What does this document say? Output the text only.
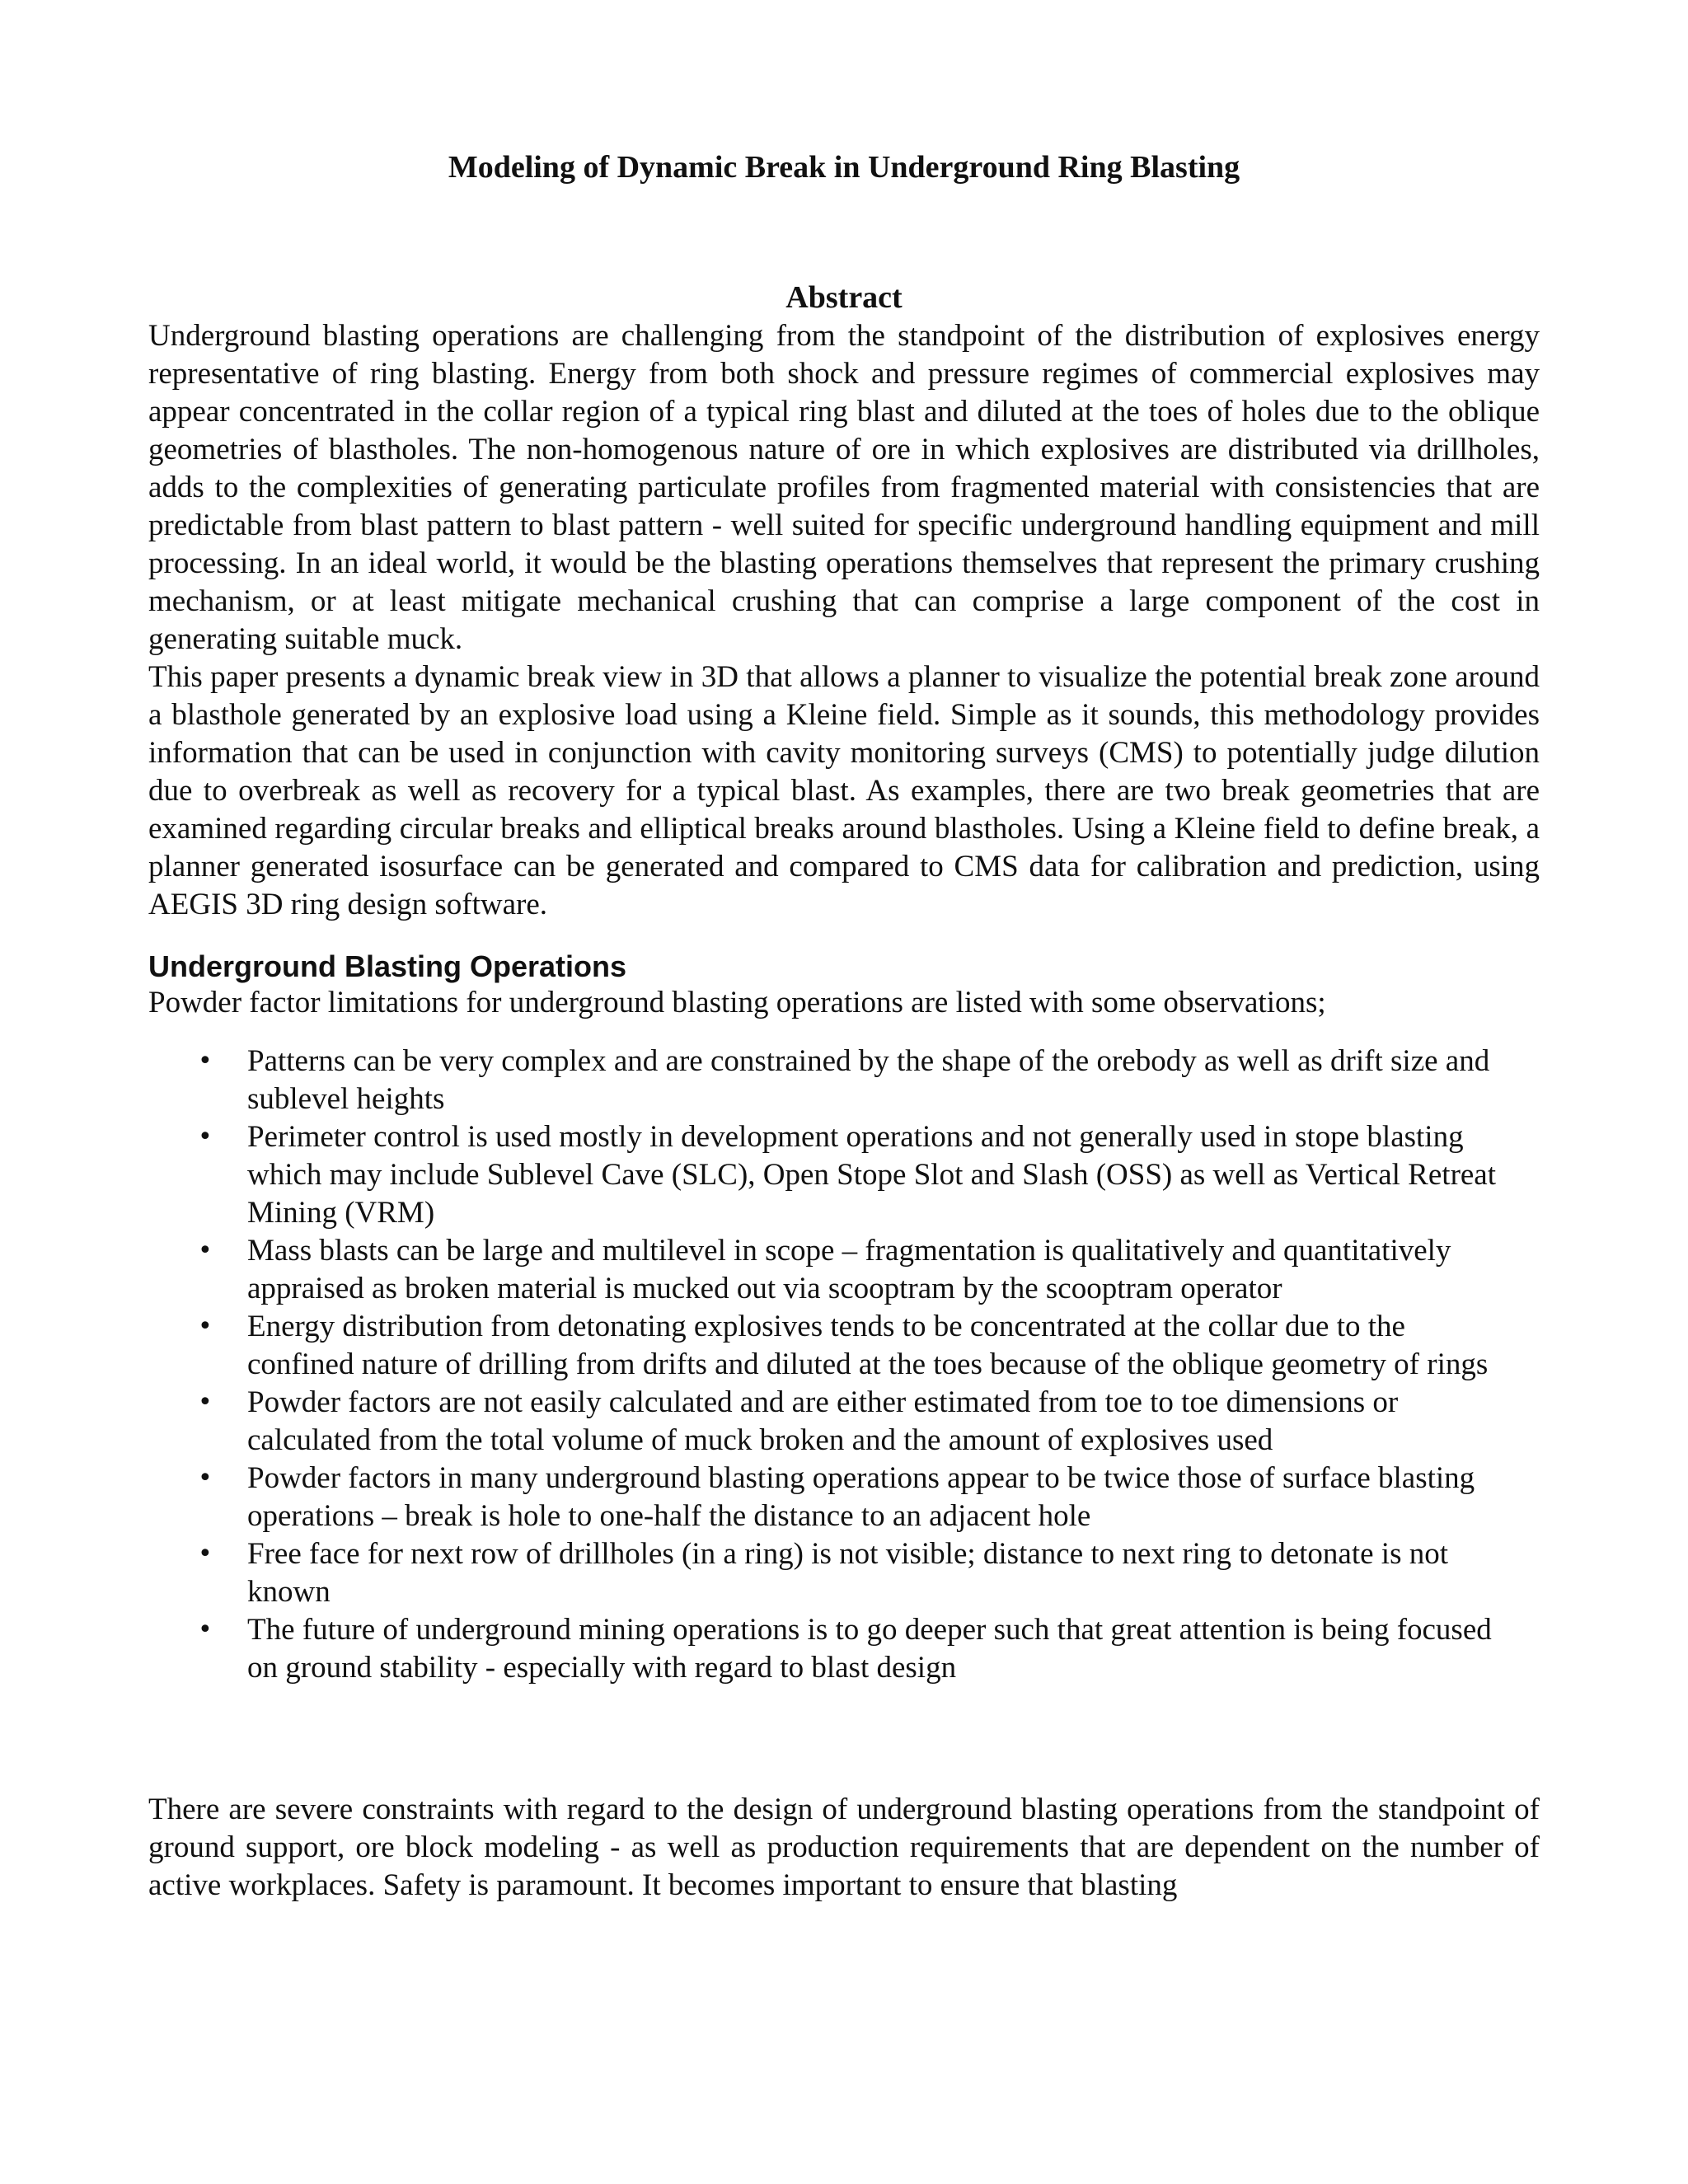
Modeling of Dynamic Break in Underground Ring Blasting
Abstract

Underground blasting operations are challenging from the standpoint of the distribution of explosives energy representative of ring blasting. Energy from both shock and pressure regimes of commercial explosives may appear concentrated in the collar region of a typical ring blast and diluted at the toes of holes due to the oblique geometries of blastholes. The non-homogenous nature of ore in which explosives are distributed via drillholes, adds to the complexities of generating particulate profiles from fragmented material with consistencies that are predictable from blast pattern to blast pattern - well suited for specific underground handling equipment and mill processing. In an ideal world, it would be the blasting operations themselves that represent the primary crushing mechanism, or at least mitigate mechanical crushing that can comprise a large component of the cost in generating suitable muck.

This paper presents a dynamic break view in 3D that allows a planner to visualize the potential break zone around a blasthole generated by an explosive load using a Kleine field. Simple as it sounds, this methodology provides information that can be used in conjunction with cavity monitoring surveys (CMS) to potentially judge dilution due to overbreak as well as recovery for a typical blast. As examples, there are two break geometries that are examined regarding circular breaks and elliptical breaks around blastholes. Using a Kleine field to define break, a planner generated isosurface can be generated and compared to CMS data for calibration and prediction, using AEGIS 3D ring design software.

Underground Blasting Operations

Powder factor limitations for underground blasting operations are listed with some observations;

• Patterns can be very complex and are constrained by the shape of the orebody as well as drift size and sublevel heights
• Perimeter control is used mostly in development operations and not generally used in stope blasting which may include Sublevel Cave (SLC), Open Stope Slot and Slash (OSS) as well as Vertical Retreat Mining (VRM)
• Mass blasts can be large and multilevel in scope – fragmentation is qualitatively and quantitatively appraised as broken material is mucked out via scooptram by the scooptram operator
• Energy distribution from detonating explosives tends to be concentrated at the collar due to the confined nature of drilling from drifts and diluted at the toes because of the oblique geometry of rings
• Powder factors are not easily calculated and are either estimated from toe to toe dimensions or calculated from the total volume of muck broken and the amount of explosives used
• Powder factors in many underground blasting operations appear to be twice those of surface blasting operations – break is hole to one-half the distance to an adjacent hole
• Free face for next row of drillholes (in a ring) is not visible; distance to next ring to detonate is not known
• The future of underground mining operations is to go deeper such that great attention is being focused on ground stability - especially with regard to blast design

There are severe constraints with regard to the design of underground blasting operations from the standpoint of ground support, ore block modeling - as well as production requirements that are dependent on the number of active workplaces. Safety is paramount. It becomes important to ensure that blasting
